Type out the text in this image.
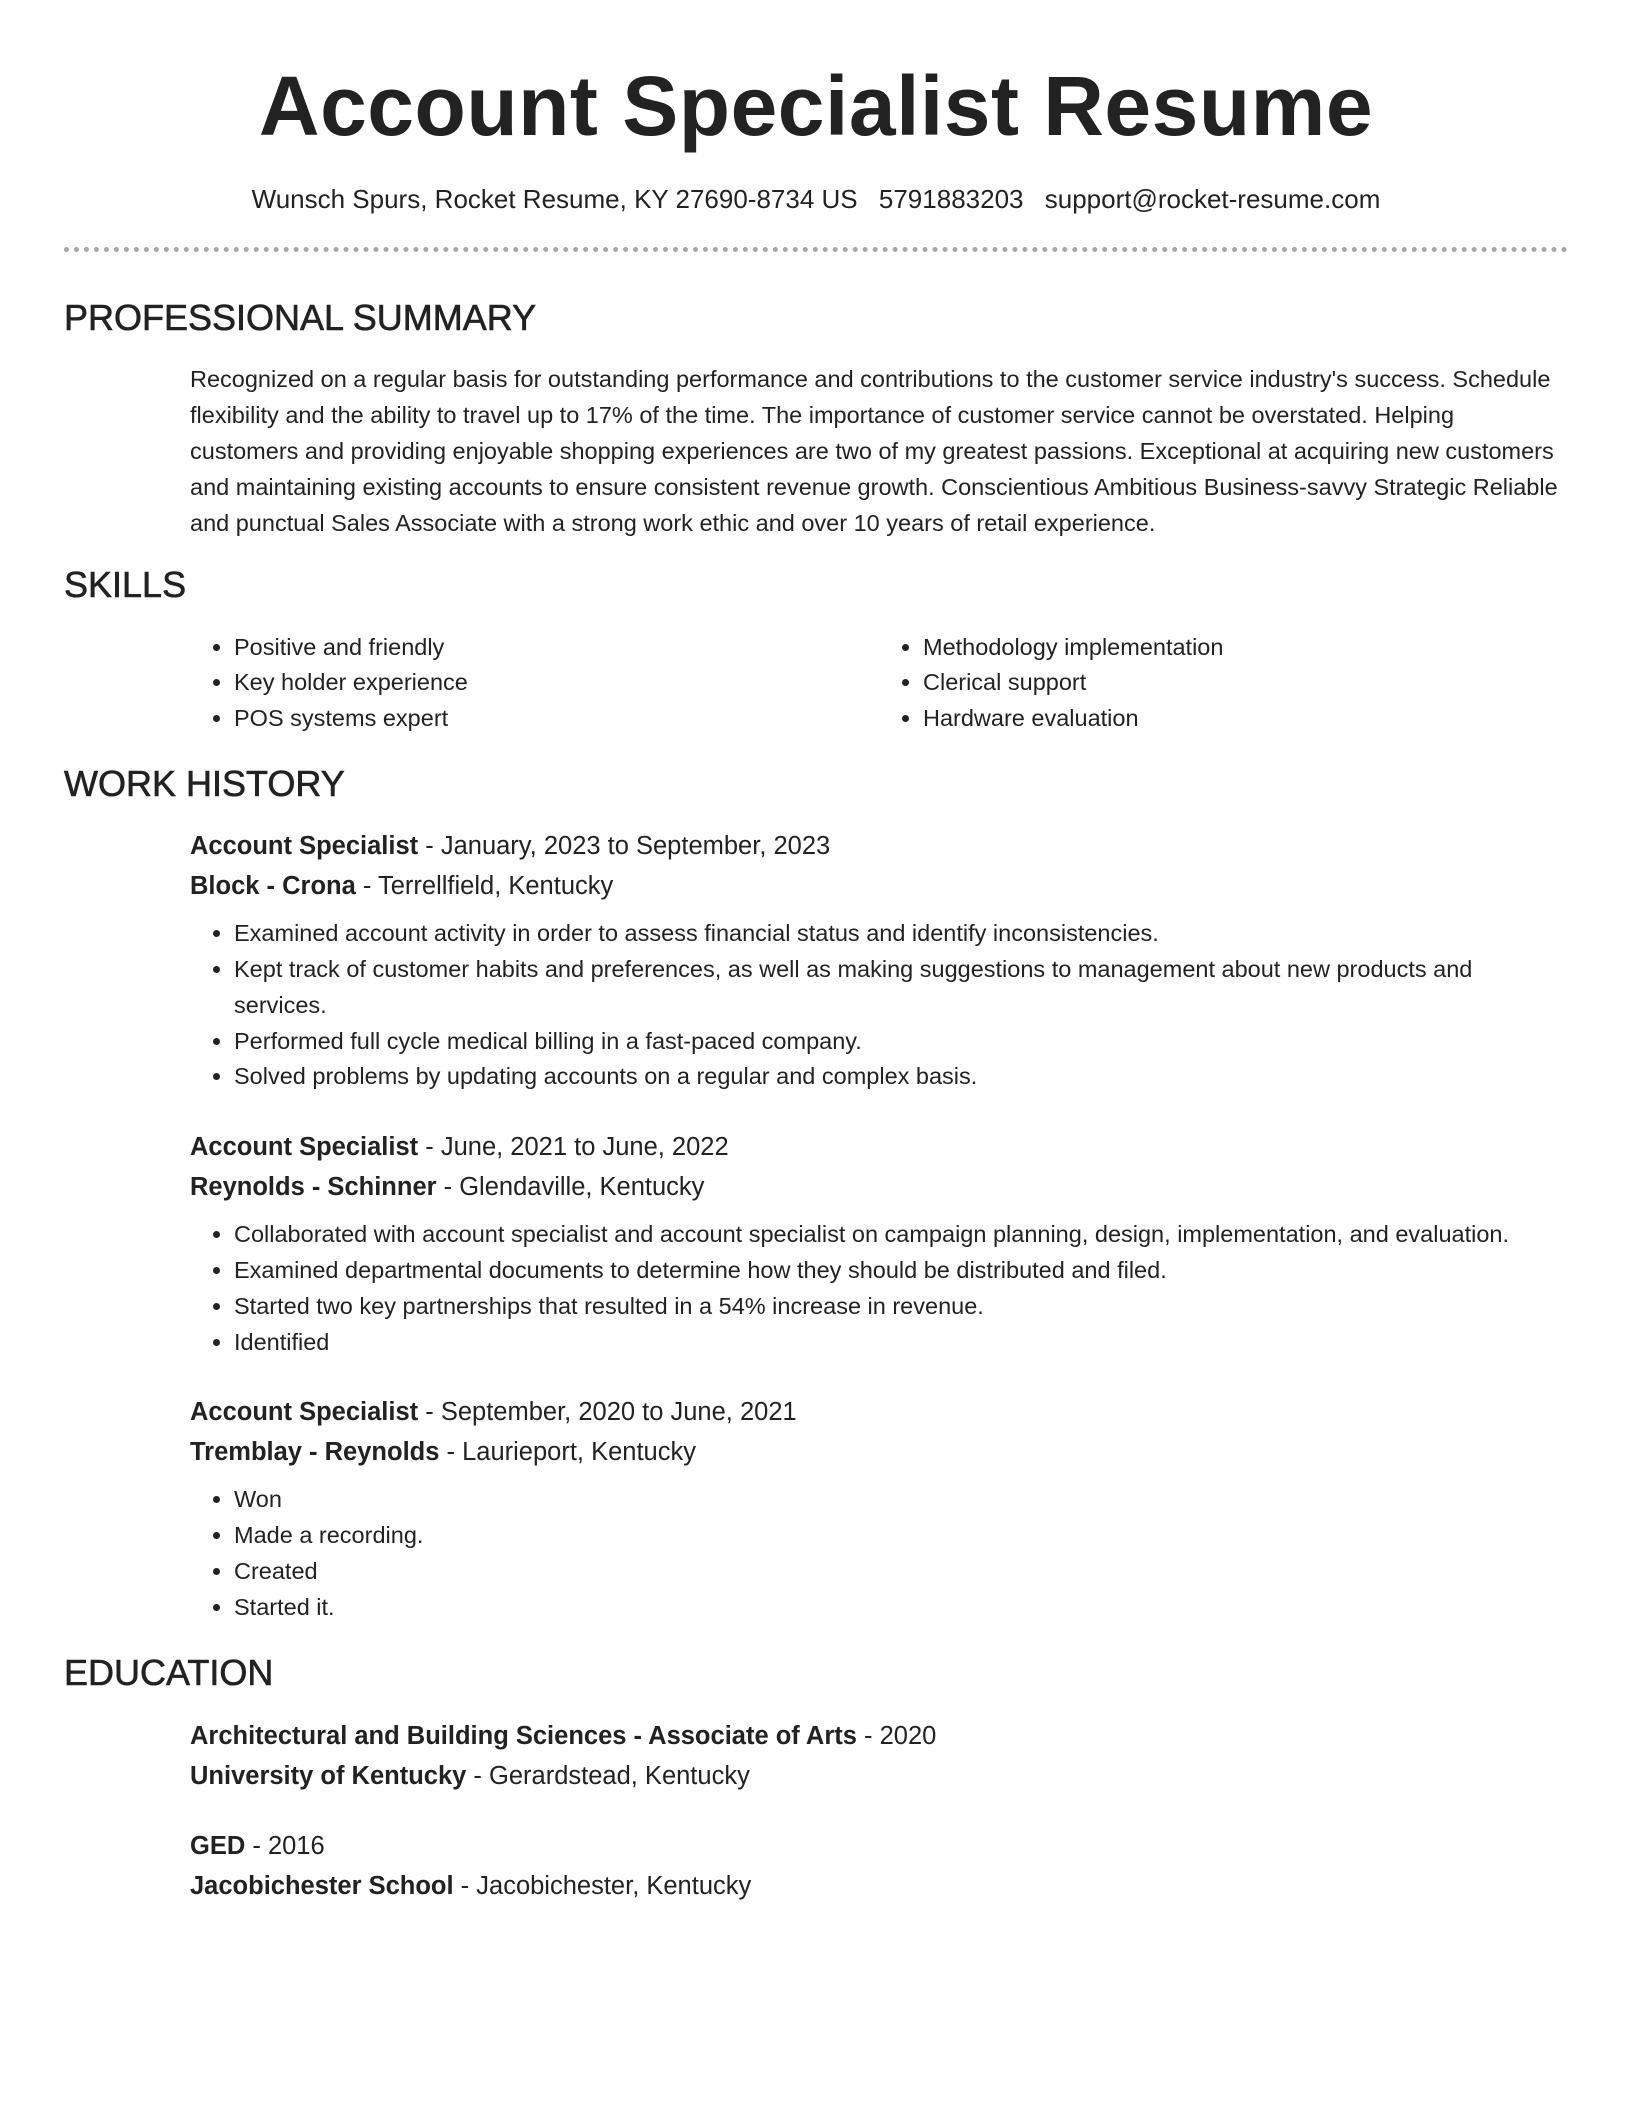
Account Specialist Resume
Wunsch Spurs, Rocket Resume, KY 27690-8734 US 5791883203 support@rocket-resume.com
PROFESSIONAL SUMMARY

Recognized on a regular basis for outstanding performance and contributions to the customer service industry's success. Schedule flexibility and the ability to travel up to 17% of the time. The importance of customer service cannot be overstated. Helping customers and providing enjoyable shopping experiences are two of my greatest passions. Exceptional at acquiring new customers and maintaining existing accounts to ensure consistent revenue growth. Conscientious Ambitious Business-savvy Strategic Reliable and punctual Sales Associate with a strong work ethic and over 10 years of retail experience.

SKILLS
• Positive and friendly
• Key holder experience
• POS systems expert
• Methodology implementation
• Clerical support
• Hardware evaluation
WORK HISTORY

Account Specialist - January, 2023 to September, 2023

Block - Crona - Terrellfield, Kentucky

• Examined account activity in order to assess financial status and identify inconsistencies.
• Kept track of customer habits and preferences, as well as making suggestions to management about new products and services.
• Performed full cycle medical billing in a fast-paced company.
• Solved problems by updating accounts on a regular and complex basis.

Account Specialist - June, 2021 to June, 2022

Reynolds - Schinner - Glendaville, Kentucky

• Collaborated with account specialist and account specialist on campaign planning, design, implementation, and evaluation.
• Examined departmental documents to determine how they should be distributed and filed.
• Started two key partnerships that resulted in a 54% increase in revenue.
• Identified

Account Specialist - September, 2020 to June, 2021

Tremblay - Reynolds - Laurieport, Kentucky

• Won
• Made a recording.
• Created
• Started it.
EDUCATION

Architectural and Building Sciences - Associate of Arts - 2020

University of Kentucky - Gerardstead, Kentucky

GED - 2016

Jacobichester School - Jacobichester, Kentucky
